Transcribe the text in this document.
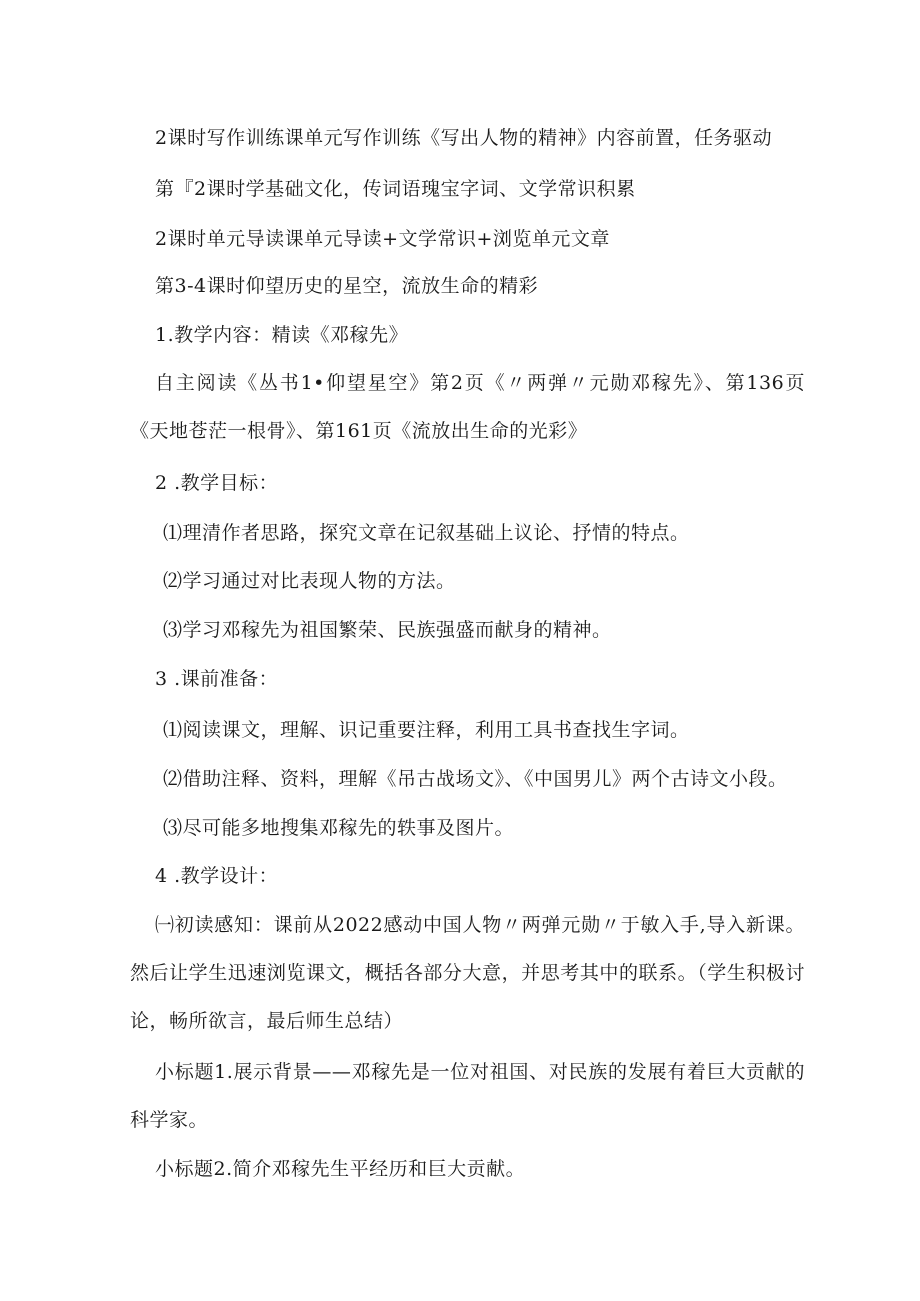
2课时写作训练课单元写作训练《写出人物的精神》内容前置，任务驱动
第『2课时学基础文化，传词语瑰宝字词、文学常识积累
2课时单元导读课单元导读+文学常识+浏览单元文章
第3-4课时仰望历史的星空，流放生命的精彩
1.教学内容：精读《邓稼先》
自主阅读《丛书1•仰望星空》第2页《〃两弹〃元勋邓稼先》、第136页《天地苍茫一根骨》、第161页《流放出生命的光彩》
2 .教学目标：
⑴理清作者思路，探究文章在记叙基础上议论、抒情的特点。
⑵学习通过对比表现人物的方法。
⑶学习邓稼先为祖国繁荣、民族强盛而献身的精神。
3 .课前准备：
⑴阅读课文，理解、识记重要注释，利用工具书查找生字词。
⑵借助注释、资料，理解《吊古战场文》、《中国男儿》两个古诗文小段。
⑶尽可能多地搜集邓稼先的轶事及图片。
4 .教学设计：
㈠初读感知：课前从2022感动中国人物〃两弹元勋〃于敏入手,导入新课。然后让学生迅速浏览课文，概括各部分大意，并思考其中的联系。（学生积极讨论，畅所欲言，最后师生总结）
小标题1.展示背景——邓稼先是一位对祖国、对民族的发展有着巨大贡献的科学家。
小标题2.简介邓稼先生平经历和巨大贡献。
